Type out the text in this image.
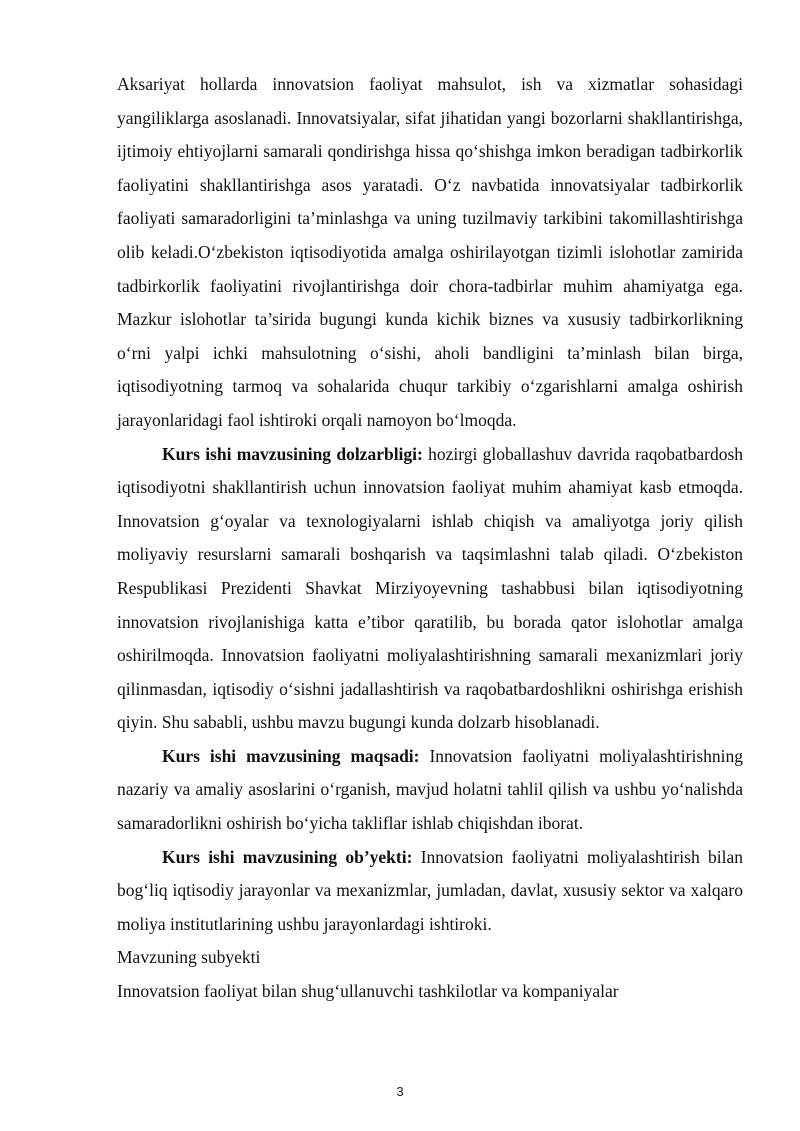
Aksariyat hollarda innovatsion faoliyat mahsulot, ish va xizmatlar sohasidagi yangiliklarga asoslanadi. Innovatsiyalar, sifat jihatidan yangi bozorlarni shakllantirishga, ijtimoiy ehtiyojlarni samarali qondirishga hissa qo‘shishga imkon beradigan tadbirkorlik faoliyatini shakllantirishga asos yaratadi. O‘z navbatida innovatsiyalar tadbirkorlik faoliyati samaradorligini ta’minlashga va uning tuzilmaviy tarkibini takomillashtirishga olib keladi.O‘zbekiston iqtisodiyotida amalga oshirilayotgan tizimli islohotlar zamirida tadbirkorlik faoliyatini rivojlantirishga doir chora-tadbirlar muhim ahamiyatga ega. Mazkur islohotlar ta’sirida bugungi kunda kichik biznes va xususiy tadbirkorlikning o‘rni yalpi ichki mahsulotning o‘sishi, aholi bandligini ta’minlash bilan birga, iqtisodiyotning tarmoq va sohalarida chuqur tarkibiy o‘zgarishlarni amalga oshirish jarayonlaridagi faol ishtiroki orqali namoyon bo‘lmoqda.

Kurs ishi mavzusining dolzarbligi: hozirgi globallashuv davrida raqobatbardosh iqtisodiyotni shakllantirish uchun innovatsion faoliyat muhim ahamiyat kasb etmoqda. Innovatsion g‘oyalar va texnologiyalarni ishlab chiqish va amaliyotga joriy qilish moliyaviy resurslarni samarali boshqarish va taqsimlashni talab qiladi. O‘zbekiston Respublikasi Prezidenti Shavkat Mirziyoyevning tashabbusi bilan iqtisodiyotning innovatsion rivojlanishiga katta e’tibor qaratilib, bu borada qator islohotlar amalga oshirilmoqda. Innovatsion faoliyatni moliyalashtirishning samarali mexanizmlari joriy qilinmasdan, iqtisodiy o‘sishni jadallashtirish va raqobatbardoshlikni oshirishga erishish qiyin. Shu sababli, ushbu mavzu bugungi kunda dolzarb hisoblanadi.

Kurs ishi mavzusining maqsadi: Innovatsion faoliyatni moliyalashtirishning nazariy va amaliy asoslarini o‘rganish, mavjud holatni tahlil qilish va ushbu yo‘nalishda samaradorlikni oshirish bo‘yicha takliflar ishlab chiqishdan iborat.

Kurs ishi mavzusining ob’yekti: Innovatsion faoliyatni moliyalashtirish bilan bog‘liq iqtisodiy jarayonlar va mexanizmlar, jumladan, davlat, xususiy sektor va xalqaro moliya institutlarining ushbu jarayonlardagi ishtiroki.

Mavzuning subyekti

Innovatsion faoliyat bilan shug‘ullanuvchi tashkilotlar va kompaniyalar

3
